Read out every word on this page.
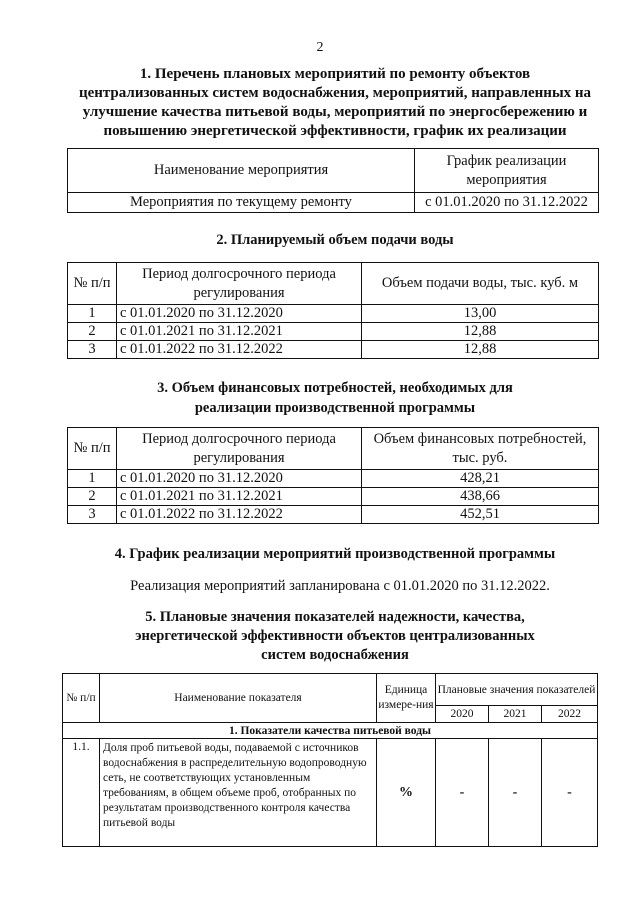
2
1. Перечень плановых мероприятий по ремонту объектов
централизованных систем водоснабжения, мероприятий, направленных на
улучшение качества питьевой воды, мероприятий по энергосбережению и
повышению энергетической эффективности, график их реализации
Наименование мероприятия	График реализации мероприятия
Мероприятия по текущему ремонту	с 01.01.2020 по 31.12.2022
2. Планируемый объем подачи воды
№ п/п	Период долгосрочного периода регулирования	Объем подачи воды, тыс. куб. м
1	с 01.01.2020 по 31.12.2020	13,00
2	с 01.01.2021 по 31.12.2021	12,88
3	с 01.01.2022 по 31.12.2022	12,88
3. Объем финансовых потребностей, необходимых для
реализации производственной программы
№ п/п	Период долгосрочного периода регулирования	Объем финансовых потребностей, тыс. руб.
1	с 01.01.2020 по 31.12.2020	428,21
2	с 01.01.2021 по 31.12.2021	438,66
3	с 01.01.2022 по 31.12.2022	452,51
4. График реализации мероприятий производственной программы
Реализация мероприятий запланирована с 01.01.2020 по 31.12.2022.
5. Плановые значения показателей надежности, качества,
энергетической эффективности объектов централизованных
систем водоснабжения
№ п/п	Наименование показателя	Единица измере-ния	Плановые значения показателей		
			2020	2021	2022
1. Показатели качества питьевой воды					
1.1.	Доля проб питьевой воды, подаваемой с источников водоснабжения в распределительную водопроводную сеть, не соответствующих установленным требованиям, в общем объеме проб, отобранных по результатам производственного контроля качества питьевой воды	%	-	-	-
